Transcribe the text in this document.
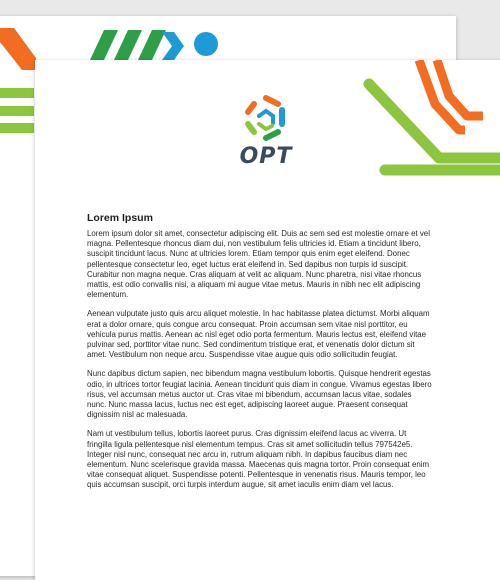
OPT
Lorem Ipsum

Lorem ipsum dolor sit amet, consectetur adipiscing elit. Duis ac sem sed est molestie ornare et vel magna. Pellentesque rhoncus diam dui, non vestibulum felis ultricies id. Etiam a tincidunt libero, suscipit tincidunt lacus. Nunc at ultricies lorem. Etiam tempor quis enim eget eleifend. Donec pellentesque consectetur leo, eget luctus erat eleifend in. Sed dapibus non turpis id suscipit. Curabitur non magna neque. Cras aliquam at velit ac aliquam. Nunc pharetra, nisi vitae rhoncus mattis, est odio convallis nisi, a aliquam mi augue vitae metus. Mauris in nibh nec elit adipiscing elementum.

Aenean vulputate justo quis arcu aliquet molestie. In hac habitasse platea dictumst. Morbi aliquam erat a dolor ornare, quis congue arcu consequat. Proin accumsan sem vitae nisl porttitor, eu vehicula purus mattis. Aenean ac nisl eget odio porta fermentum. Mauris lectus est, eleifend vitae pulvinar sed, porttitor vitae nunc. Sed condimentum tristique erat, et venenatis dolor dictum sit amet. Vestibulum non neque arcu. Suspendisse vitae augue quis odio sollicitudin feugiat.

Nunc dapibus dictum sapien, nec bibendum magna vestibulum lobortis. Quisque hendrerit egestas odio, in ultrices tortor feugiat lacinia. Aenean tincidunt quis diam in congue. Vivamus egestas libero risus, vel accumsan metus auctor ut. Cras vitae mi bibendum, accumsan lacus vitae, sodales nunc. Nunc massa lacus, luctus nec est eget, adipiscing laoreet augue. Praesent consequat dignissim nisl ac malesuada.

Nam ut vestibulum tellus, lobortis laoreet purus. Cras dignissim eleifend lacus ac viverra. Ut fringilla ligula pellentesque nisl elementum tempus. Cras sit amet sollicitudin tellus 797542e5. Integer nisl nunc, consequat nec arcu in, rutrum aliquam nibh. In dapibus faucibus diam nec elementum. Nunc scelerisque gravida massa. Maecenas quis magna tortor. Proin consequat enim vitae consequat aliquet. Suspendisse potenti. Pellentesque in venenatis risus. Mauris tempor, leo quis accumsan suscipit, orci turpis interdum augue, sit amet iaculis enim diam vel lacus.
